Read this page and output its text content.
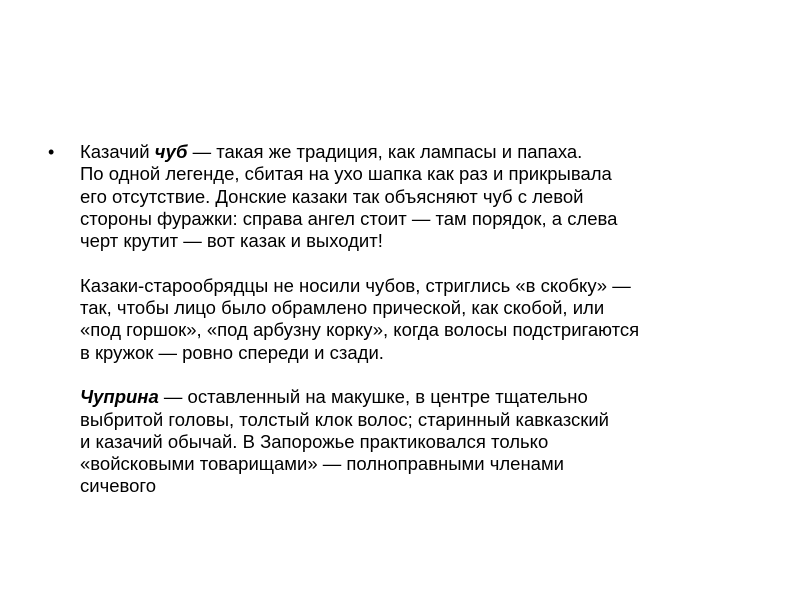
• Казачий чуб — такая же традиция, как лампасы и папаха.
По одной легенде, сбитая на ухо шапка как раз и прикрывала
его отсутствие. Донские казаки так объясняют чуб с левой
стороны фуражки: справа ангел стоит — там порядок, а слева
черт крутит — вот казак и выходит!
Казаки-старообрядцы не носили чубов, стриглись «в скобку» —
так, чтобы лицо было обрамлено прической, как скобой, или
«под горшок», «под арбузну корку», когда волосы подстригаются
в кружок — ровно спереди и сзади.
Чуприна — оставленный на макушке, в центре тщательно
выбритой головы, толстый клок волос; старинный кавказский
и казачий обычай. В Запорожье практиковался только
«войсковыми товарищами» — полноправными членами
сичевого
